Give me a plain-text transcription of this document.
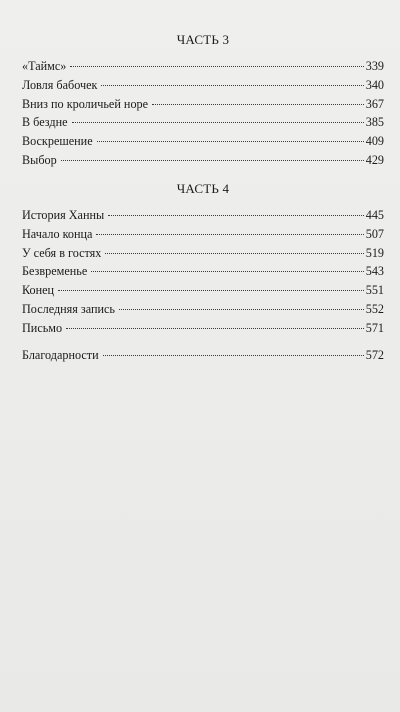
ЧАСТЬ 3
«Таймс»	339
Ловля бабочек	340
Вниз по кроличьей норе	367
В бездне	385
Воскрешение	409
Выбор	429
ЧАСТЬ 4
История Ханны	445
Начало конца	507
У себя в гостях	519
Безвременье	543
Конец	551
Последняя запись	552
Письмо	571
Благодарности	572
